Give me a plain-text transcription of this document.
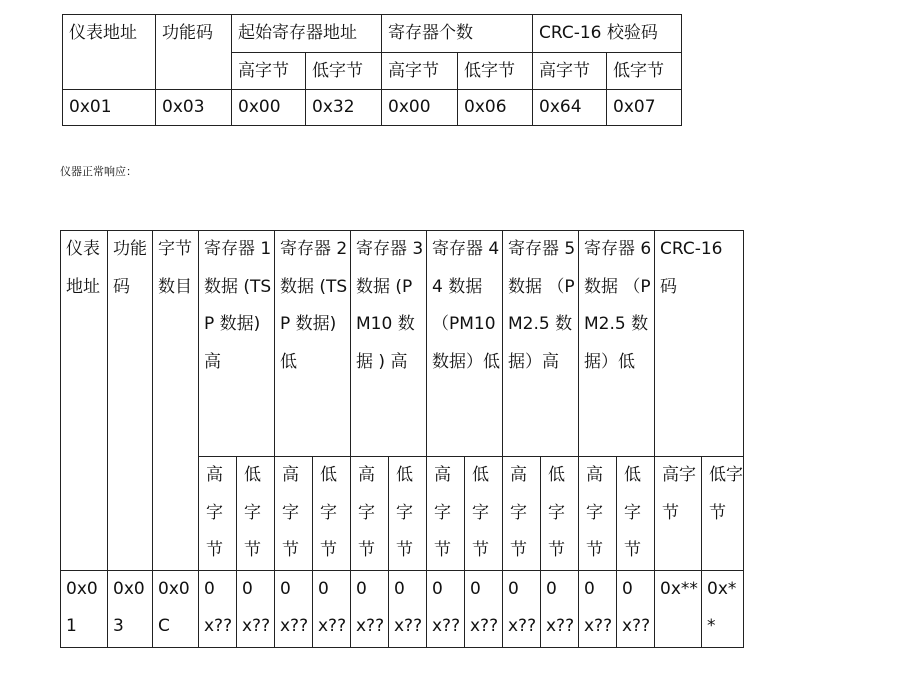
仪表地址	功能码	起始寄存器地址		寄存器个数		CRC-16 校验码	
		高字节	低字节	高字节	低字节	高字节	低字节
0x01	0x03	0x00	0x32	0x00	0x06	0x64	0x07
仪器正常响应：
仪表地址	功能码	字节数目	寄存器 1 数据 (TSP 数据)高		寄存器 2 数据 (TSP 数据)低		寄存器 3 数据 (PM10 数据 ) 高		寄存器 44 数据 （PM10 数据）低		寄存器 5 数据 （PM2.5 数据）高		寄存器 6 数据 （PM2.5 数据）低		CRC-16 码	
			高字节	低字节	高字节	低字节	高字节	低字节	高字节	低字节	高字节	低字节	高字节	低字节	高字节	低字节
0x01	0x03	0x0C	0x??	0x??	0x??	0x??	0x??	0x??	0x??	0x??	0x??	0x??	0x??	0x??	0x**	0x**
